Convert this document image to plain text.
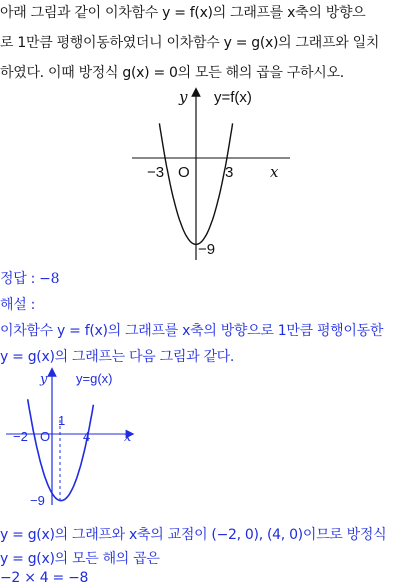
아래 그림과 같이 이차함수 y = f(x)의 그래프를 x축의 방향으
로 1만큼 평행이동하였더니 이차함수 y = g(x)의 그래프와 일치
하였다. 이때 방정식 g(x) = 0의 모든 해의 곱을 구하시오.
y y=f(x)
x
O
−3	3
−9
정답 : −8
해설 :
이차함수 y = f(x)의 그래프를 x축의 방향으로 1만큼 평행이동한
y = g(x)의 그래프는 다음 그림과 같다.
y y=g(x)
x
O
−2	4
1
−9
y = g(x)의 그래프와 x축의 교점이 (−2, 0), (4, 0)이므로 방정식
y = g(x)의 모든 해의 곱은
−2 × 4 = −8
